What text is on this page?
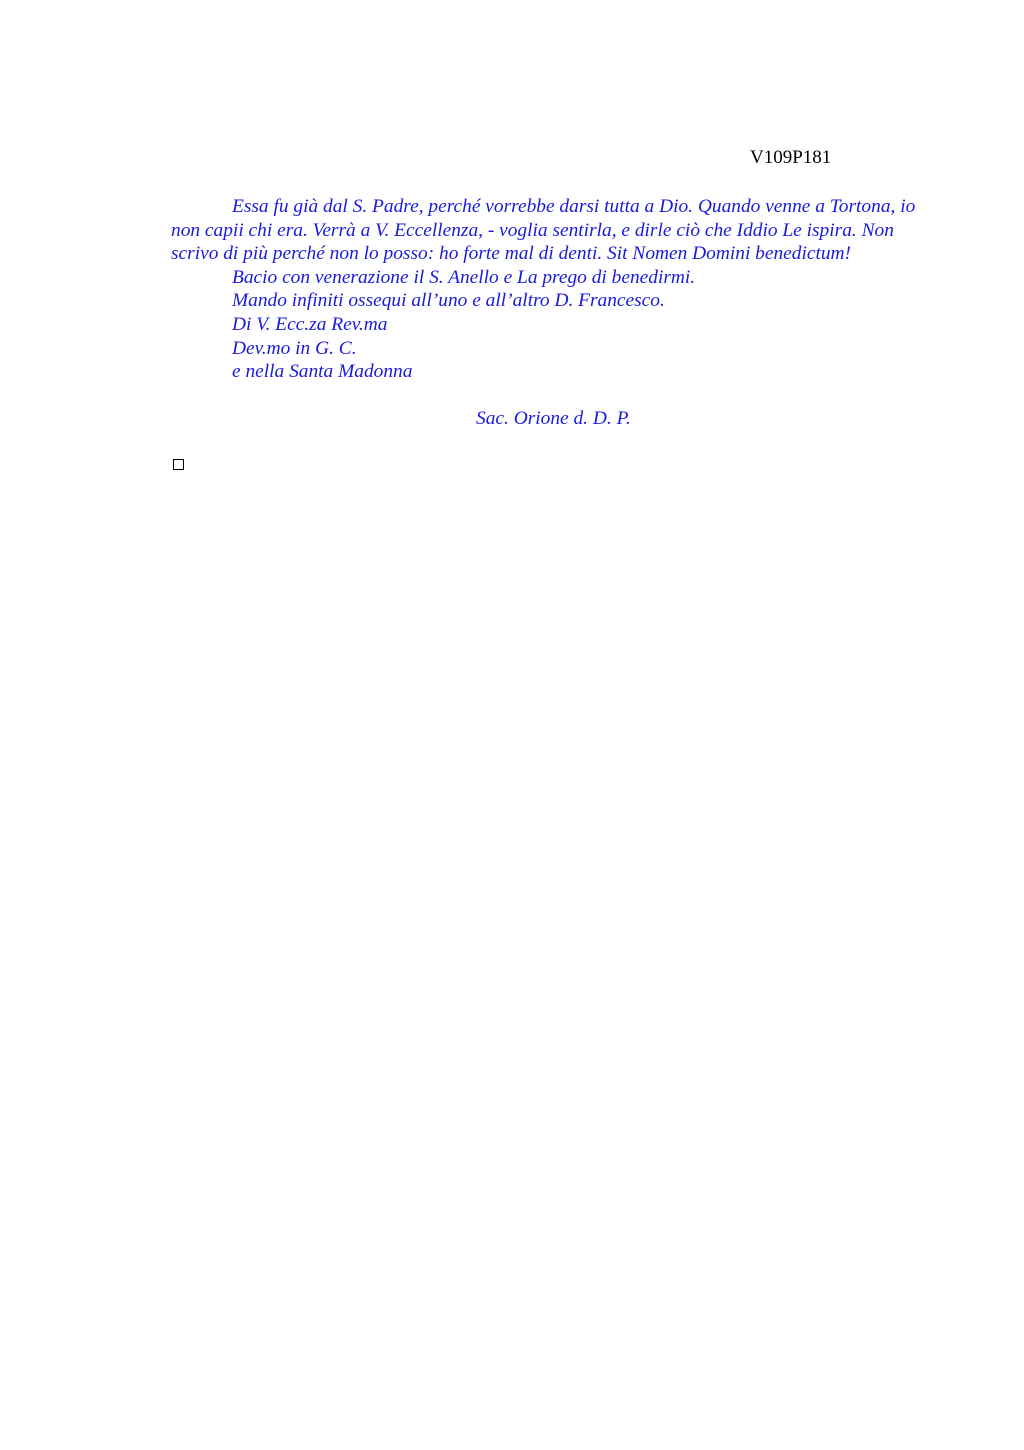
V109P181

Essa fu già dal S. Padre, perché vorrebbe darsi tutta a Dio. Quando venne a Tortona, io non capii chi era. Verrà a V. Eccellenza, - voglia sentirla, e dirle ciò che Iddio Le ispira. Non scrivo di più perché non lo posso: ho forte mal di denti. Sit Nomen Domini benedictum!

Bacio con venerazione il S. Anello e La prego di benedirmi.

Mando infiniti ossequi all’uno e all’altro D. Francesco.

Di V. Ecc.za Rev.ma

Dev.mo in G. C.

e nella Santa Madonna

Sac. Orione d. D. P.
